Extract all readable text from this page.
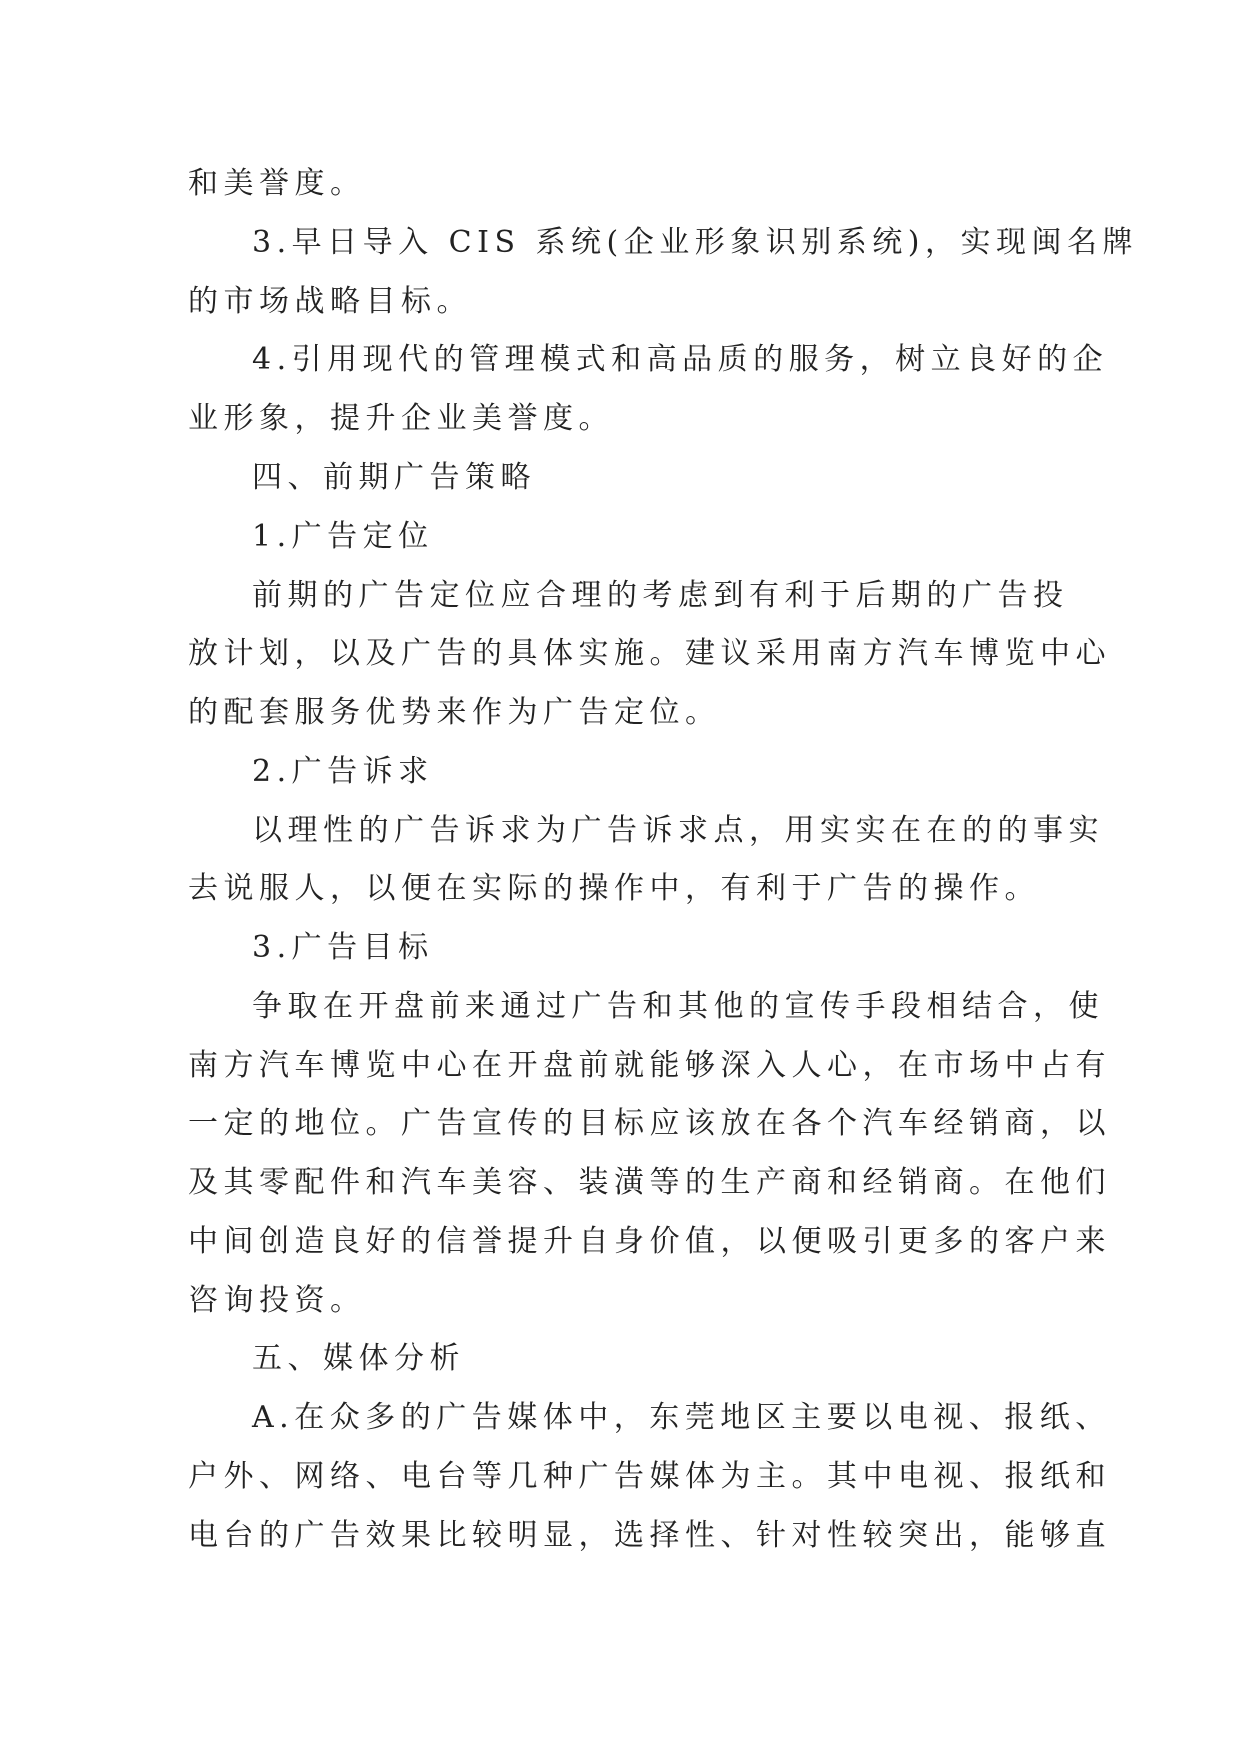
和美誉度。
3.早日导入 CIS 系统(企业形象识别系统)，实现闽名牌
的市场战略目标。
4.引用现代的管理模式和高品质的服务，树立良好的企
业形象，提升企业美誉度。
四、前期广告策略
1.广告定位
前期的广告定位应合理的考虑到有利于后期的广告投
放计划，以及广告的具体实施。建议采用南方汽车博览中心
的配套服务优势来作为广告定位。
2.广告诉求
以理性的广告诉求为广告诉求点，用实实在在的的事实
去说服人，以便在实际的操作中，有利于广告的操作。
3.广告目标
争取在开盘前来通过广告和其他的宣传手段相结合，使
南方汽车博览中心在开盘前就能够深入人心，在市场中占有
一定的地位。广告宣传的目标应该放在各个汽车经销商，以
及其零配件和汽车美容、装潢等的生产商和经销商。在他们
中间创造良好的信誉提升自身价值，以便吸引更多的客户来
咨询投资。
五、媒体分析
A.在众多的广告媒体中，东莞地区主要以电视、报纸、
户外、网络、电台等几种广告媒体为主。其中电视、报纸和
电台的广告效果比较明显，选择性、针对性较突出，能够直
